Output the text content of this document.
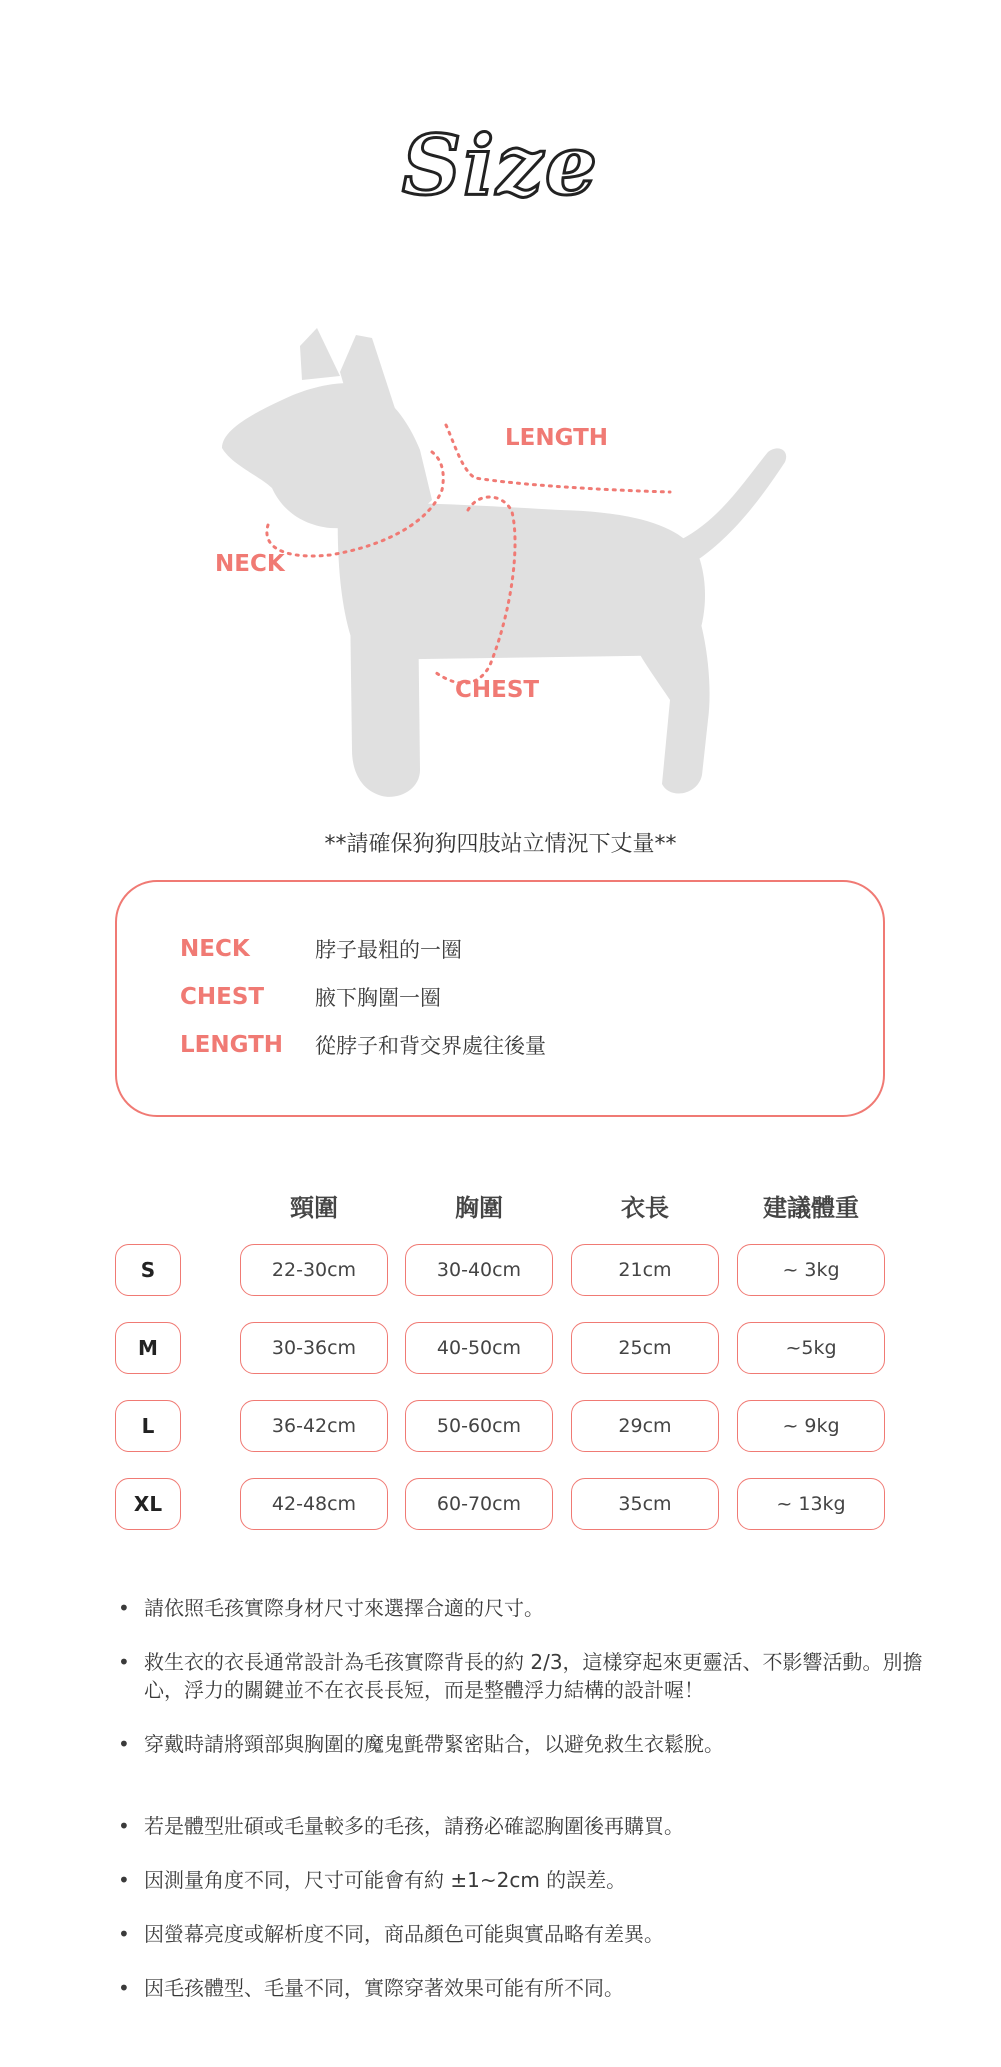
Size
LENGTH
NECK
CHEST
**請確保狗狗四肢站立情況下丈量**
NECK	脖子最粗的一圈
CHEST	腋下胸圍一圈
LENGTH	從脖子和背交界處往後量
頸圍	胸圍	衣長	建議體重
S	22-30cm	30-40cm	21cm	~ 3kg
M	30-36cm	40-50cm	25cm	~5kg
L	36-42cm	50-60cm	29cm	~ 9kg
XL	42-48cm	60-70cm	35cm	~ 13kg
• 請依照毛孩實際身材尺寸來選擇合適的尺寸。
• 救生衣的衣長通常設計為毛孩實際背長的約 2/3，這樣穿起來更靈活、不影響活動。別擔心，浮力的關鍵並不在衣長長短，而是整體浮力結構的設計喔！
• 穿戴時請將頸部與胸圍的魔鬼氈帶緊密貼合，以避免救生衣鬆脫。
• 若是體型壯碩或毛量較多的毛孩，請務必確認胸圍後再購買。
• 因測量角度不同，尺寸可能會有約 ±1~2cm 的誤差。
• 因螢幕亮度或解析度不同，商品顏色可能與實品略有差異。
• 因毛孩體型、毛量不同，實際穿著效果可能有所不同。
